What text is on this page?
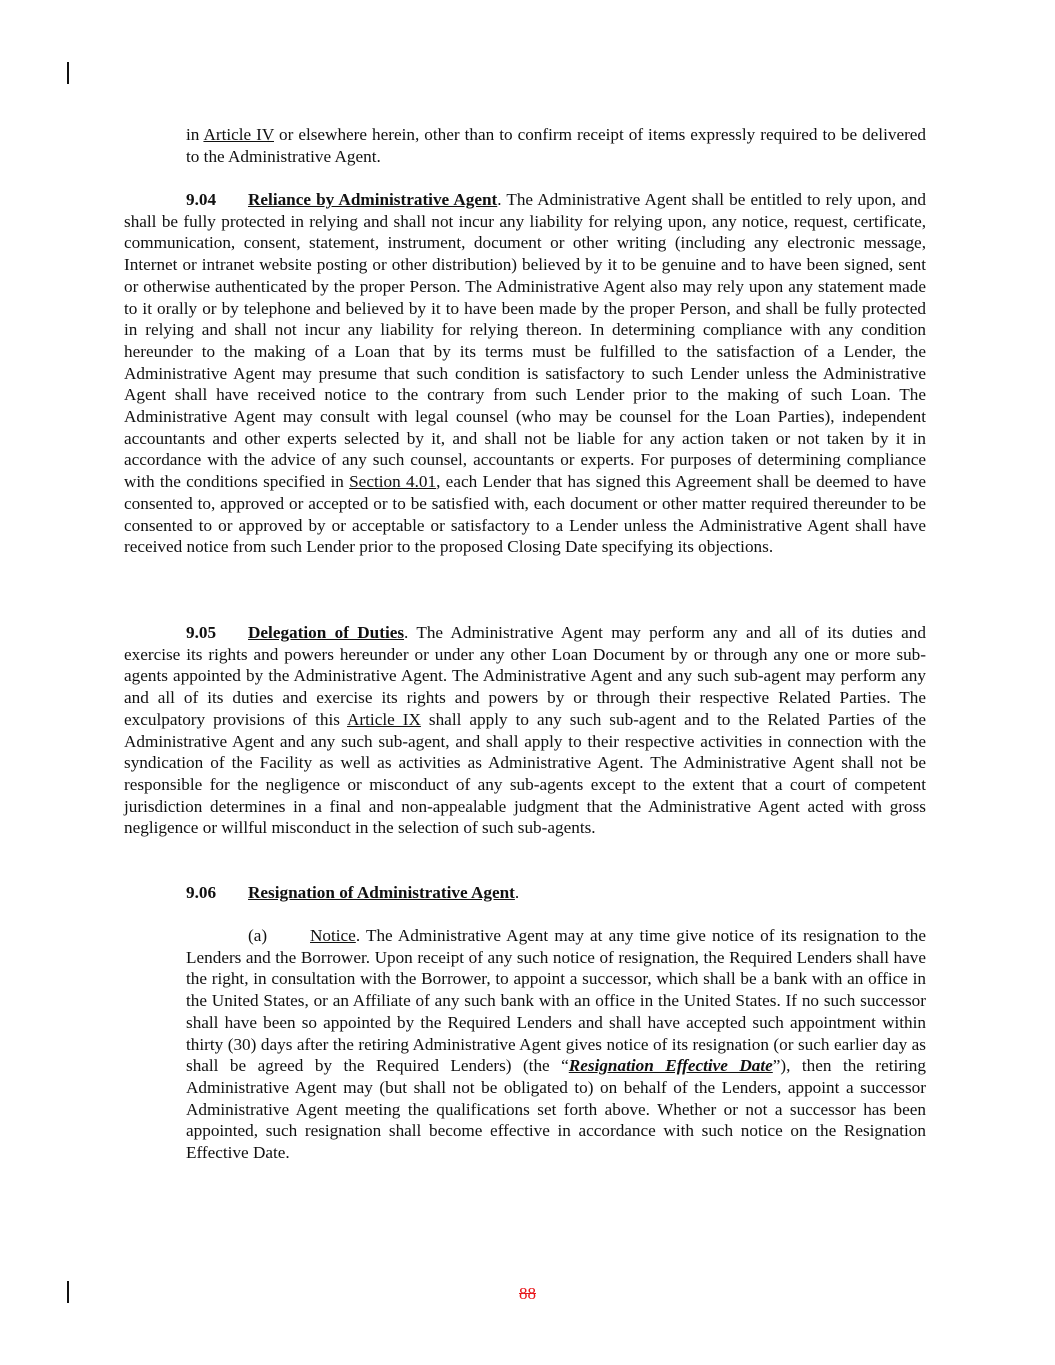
in Article IV or elsewhere herein, other than to confirm receipt of items expressly required to be delivered to the Administrative Agent.

9.04 Reliance by Administrative Agent. The Administrative Agent shall be entitled to rely upon, and shall be fully protected in relying and shall not incur any liability for relying upon, any notice, request, certificate, communication, consent, statement, instrument, document or other writing (including any electronic message, Internet or intranet website posting or other distribution) believed by it to be genuine and to have been signed, sent or otherwise authenticated by the proper Person. The Administrative Agent also may rely upon any statement made to it orally or by telephone and believed by it to have been made by the proper Person, and shall be fully protected in relying and shall not incur any liability for relying thereon. In determining compliance with any condition hereunder to the making of a Loan that by its terms must be fulfilled to the satisfaction of a Lender, the Administrative Agent may presume that such condition is satisfactory to such Lender unless the Administrative Agent shall have received notice to the contrary from such Lender prior to the making of such Loan. The Administrative Agent may consult with legal counsel (who may be counsel for the Loan Parties), independent accountants and other experts selected by it, and shall not be liable for any action taken or not taken by it in accordance with the advice of any such counsel, accountants or experts. For purposes of determining compliance with the conditions specified in Section 4.01, each Lender that has signed this Agreement shall be deemed to have consented to, approved or accepted or to be satisfied with, each document or other matter required thereunder to be consented to or approved by or acceptable or satisfactory to a Lender unless the Administrative Agent shall have received notice from such Lender prior to the proposed Closing Date specifying its objections.

9.05 Delegation of Duties. The Administrative Agent may perform any and all of its duties and exercise its rights and powers hereunder or under any other Loan Document by or through any one or more sub-agents appointed by the Administrative Agent. The Administrative Agent and any such sub-agent may perform any and all of its duties and exercise its rights and powers by or through their respective Related Parties. The exculpatory provisions of this Article IX shall apply to any such sub-agent and to the Related Parties of the Administrative Agent and any such sub-agent, and shall apply to their respective activities in connection with the syndication of the Facility as well as activities as Administrative Agent. The Administrative Agent shall not be responsible for the negligence or misconduct of any sub-agents except to the extent that a court of competent jurisdiction determines in a final and non-appealable judgment that the Administrative Agent acted with gross negligence or willful misconduct in the selection of such sub-agents.

9.06 Resignation of Administrative Agent.

(a) Notice. The Administrative Agent may at any time give notice of its resignation to the Lenders and the Borrower. Upon receipt of any such notice of resignation, the Required Lenders shall have the right, in consultation with the Borrower, to appoint a successor, which shall be a bank with an office in the United States, or an Affiliate of any such bank with an office in the United States. If no such successor shall have been so appointed by the Required Lenders and shall have accepted such appointment within thirty (30) days after the retiring Administrative Agent gives notice of its resignation (or such earlier day as shall be agreed by the Required Lenders) (the “Resignation Effective Date”), then the retiring Administrative Agent may (but shall not be obligated to) on behalf of the Lenders, appoint a successor Administrative Agent meeting the qualifications set forth above. Whether or not a successor has been appointed, such resignation shall become effective in accordance with such notice on the Resignation Effective Date.

88
